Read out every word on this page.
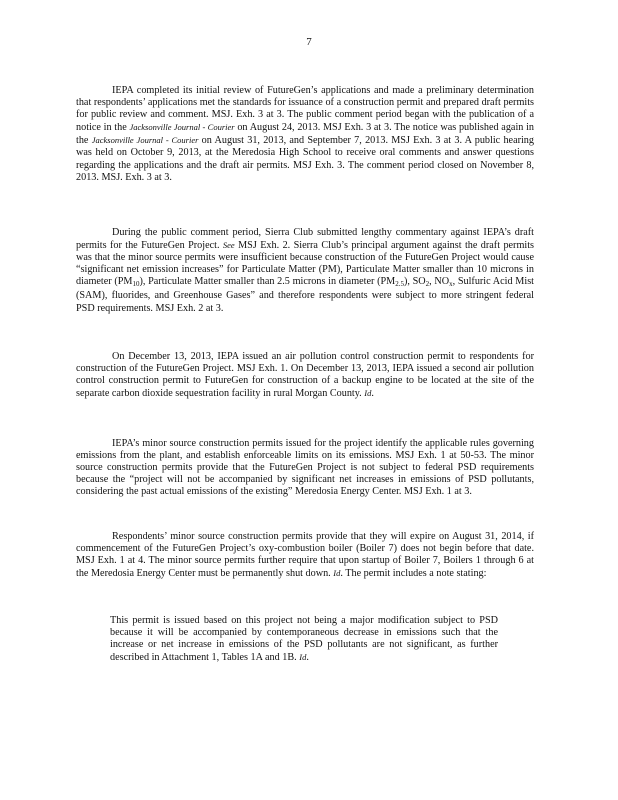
7

IEPA completed its initial review of FutureGen’s applications and made a preliminary determination that respondents’ applications met the standards for issuance of a construction permit and prepared draft permits for public review and comment. MSJ. Exh. 3 at 3. The public comment period began with the publication of a notice in the Jacksonville Journal - Courier on August 24, 2013. MSJ Exh. 3 at 3. The notice was published again in the Jacksonville Journal - Courier on August 31, 2013, and September 7, 2013. MSJ Exh. 3 at 3. A public hearing was held on October 9, 2013, at the Meredosia High School to receive oral comments and answer questions regarding the applications and the draft air permits. MSJ Exh. 3. The comment period closed on November 8, 2013. MSJ. Exh. 3 at 3.

During the public comment period, Sierra Club submitted lengthy commentary against IEPA’s draft permits for the FutureGen Project. See MSJ Exh. 2. Sierra Club’s principal argument against the draft permits was that the minor source permits were insufficient because construction of the FutureGen Project would cause “significant net emission increases” for Particulate Matter (PM), Particulate Matter smaller than 10 microns in diameter $(PM_{10})$, Particulate Matter smaller than 2.5 microns in diameter $(PM_{2.5})$, $SO_2$, $NO_x$, Sulfuric Acid Mist (SAM), fluorides, and Greenhouse Gases” and therefore respondents were subject to more stringent federal PSD requirements. MSJ Exh. 2 at 3.

On December 13, 2013, IEPA issued an air pollution control construction permit to respondents for construction of the FutureGen Project. MSJ Exh. 1. On December 13, 2013, IEPA issued a second air pollution control construction permit to FutureGen for construction of a backup engine to be located at the site of the separate carbon dioxide sequestration facility in rural Morgan County. Id.

IEPA’s minor source construction permits issued for the project identify the applicable rules governing emissions from the plant, and establish enforceable limits on its emissions. MSJ Exh. 1 at 50-53. The minor source construction permits provide that the FutureGen Project is not subject to federal PSD requirements because the “project will not be accompanied by significant net increases in emissions of PSD pollutants, considering the past actual emissions of the existing” Meredosia Energy Center. MSJ Exh. 1 at 3.

Respondents’ minor source construction permits provide that they will expire on August 31, 2014, if commencement of the FutureGen Project’s oxy-combustion boiler (Boiler 7) does not begin before that date. MSJ Exh. 1 at 4. The minor source permits further require that upon startup of Boiler 7, Boilers 1 through 6 at the Meredosia Energy Center must be permanently shut down. Id. The permit includes a note stating:

This permit is issued based on this project not being a major modification subject to PSD because it will be accompanied by contemporaneous decrease in emissions such that the increase or net increase in emissions of the PSD pollutants are not significant, as further described in Attachment 1, Tables 1A and 1B. Id.
